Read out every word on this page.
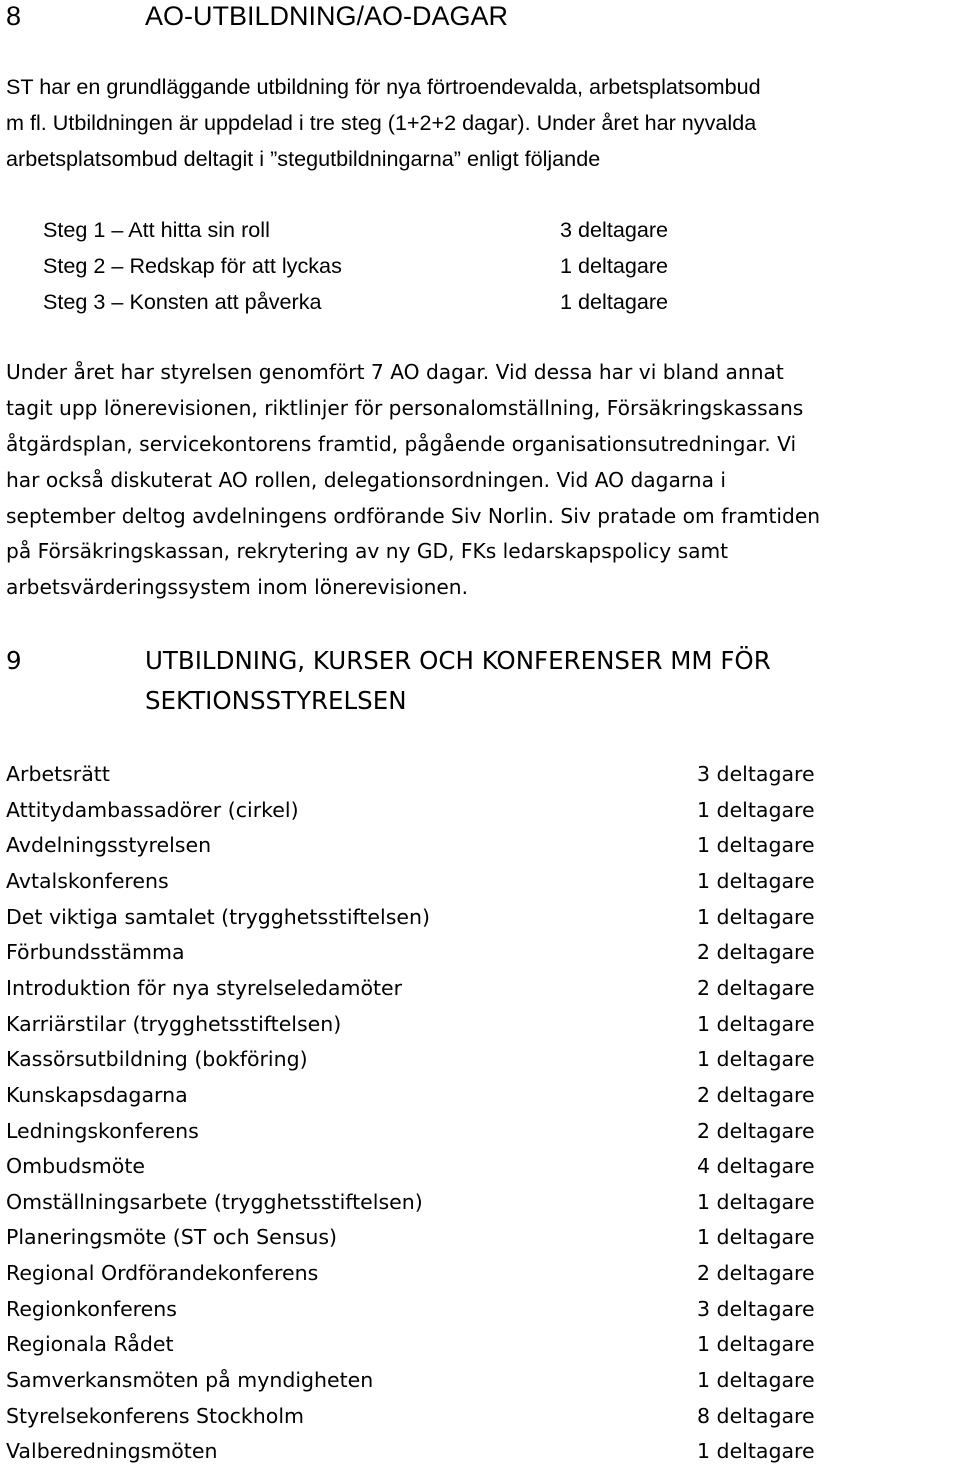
8	AO-UTBILDNING/AO-DAGAR
ST har en grundläggande utbildning för nya förtroendevalda, arbetsplatsombud
m fl. Utbildningen är uppdelad i tre steg (1+2+2 dagar). Under året har nyvalda
arbetsplatsombud deltagit i ”stegutbildningarna” enligt följande
Steg 1 – Att hitta sin roll	3 deltagare
Steg 2 – Redskap för att lyckas	1 deltagare
Steg 3 – Konsten att påverka	1 deltagare
Under året har styrelsen genomfört 7 AO dagar. Vid dessa har vi bland annat
tagit upp lönerevisionen, riktlinjer för personalomställning, Försäkringskassans
åtgärdsplan, servicekontorens framtid, pågående organisationsutredningar. Vi
har också diskuterat AO rollen, delegationsordningen. Vid AO dagarna i
september deltog avdelningens ordförande Siv Norlin. Siv pratade om framtiden
på Försäkringskassan, rekrytering av ny GD, FKs ledarskapspolicy samt
arbetsvärderingssystem inom lönerevisionen.
9	UTBILDNING, KURSER OCH KONFERENSER MM FÖR
SEKTIONSSTYRELSEN
Arbetsrätt	3 deltagare
Attitydambassadörer (cirkel)	1 deltagare
Avdelningsstyrelsen	1 deltagare
Avtalskonferens	1 deltagare
Det viktiga samtalet (trygghetsstiftelsen)	1 deltagare
Förbundsstämma	2 deltagare
Introduktion för nya styrelseledamöter	2 deltagare
Karriärstilar (trygghetsstiftelsen)	1 deltagare
Kassörsutbildning (bokföring)	1 deltagare
Kunskapsdagarna	2 deltagare
Ledningskonferens	2 deltagare
Ombudsmöte	4 deltagare
Omställningsarbete (trygghetsstiftelsen)	1 deltagare
Planeringsmöte (ST och Sensus)	1 deltagare
Regional Ordförandekonferens	2 deltagare
Regionkonferens	3 deltagare
Regionala Rådet	1 deltagare
Samverkansmöten på myndigheten	1 deltagare
Styrelsekonferens Stockholm	8 deltagare
Valberedningsmöten	1 deltagare
